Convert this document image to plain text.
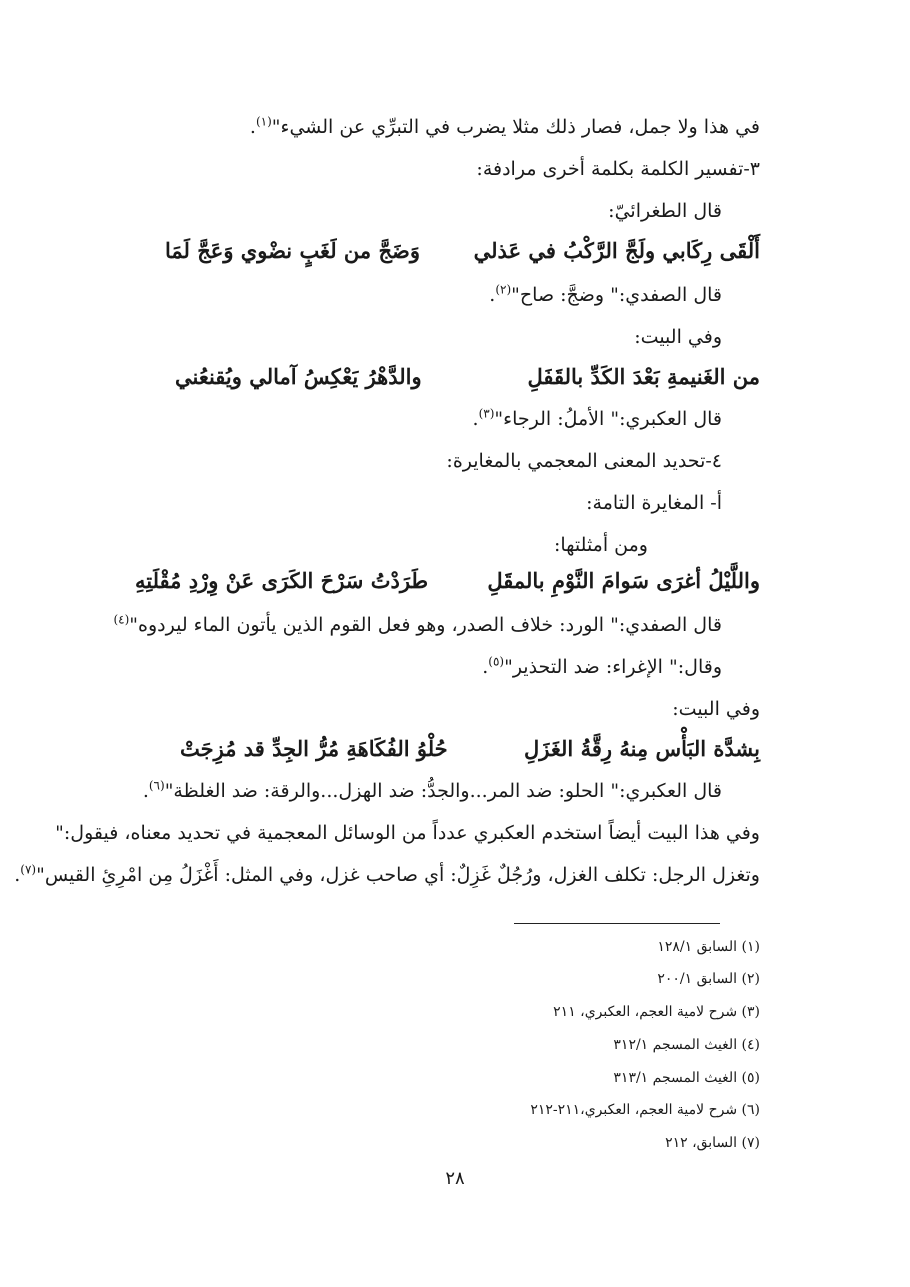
في هذا ولا جمل، فصار ذلك مثلا يضرب في التبرِّي عن الشيء"$^{(١)}$.
٣-تفسير الكلمة بكلمة أخرى مرادفة:
قال الطغرائيّ:
أَلْقَى رِكَابي ولَجَّ الرَّكْبُ في عَذلي
وَضَجَّ من لَغَبٍ نضْوي وَعَجَّ لَمَا
قال الصفدي:" وضجَّ: صاح"$^{(٢)}$.
وفي البيت:
من الغَنيمةِ بَعْدَ الكَدِّ بالقَفَلِ
والدَّهْرُ يَعْكِسُ آمالي ويُقنعُني
قال العكبري:" الأملُ: الرجاء"$^{(٣)}$.
٤-تحديد المعنى المعجمي بالمغايرة:
أ- المغايرة التامة:
ومن أمثلتها:
واللَّيْلُ أغرَى سَوامَ النَّوْمِ بالمقَلِ
طَرَدْتُ سَرْحَ الكَرَى عَنْ وِرْدِ مُقْلَتِهِ
قال الصفدي:" الورد: خلاف الصدر، وهو فعل القوم الذين يأتون الماء ليردوه"$^{(٤)}$
وقال:" الإغراء: ضد التحذير"$^{(٥)}$.
وفي البيت:
بِشدَّة البَأْس مِنهُ رِقَّةُ الغَزَلِ
حُلْوُ الفُكَاهَةِ مُرُّ الجِدِّ قد مُزِجَتْ
قال العكبري:" الحلو: ضد المر...والجدُّ: ضد الهزل...والرقة: ضد الغلظة"$^{(٦)}$.
وفي هذا البيت أيضاً استخدم العكبري عدداً من الوسائل المعجمية في تحديد معناه، فيقول:"
وتغزل الرجل: تكلف الغزل، ورُجُلٌ غَزِلٌ: أي صاحب غزل، وفي المثل: أَغْزَلُ مِن امْرِئِ القيس"$^{(٧)}$.
(١) السابق ١٢٨/١
(٢) السابق ٢٠٠/١
(٣) شرح لامية العجم، العكبري، ٢١١
(٤) الغيث المسجم ٣١٢/١
(٥) الغيث المسجم ٣١٣/١
(٦) شرح لامية العجم، العكبري،٢١١-٢١٢
(٧) السابق، ٢١٢
٢٨
